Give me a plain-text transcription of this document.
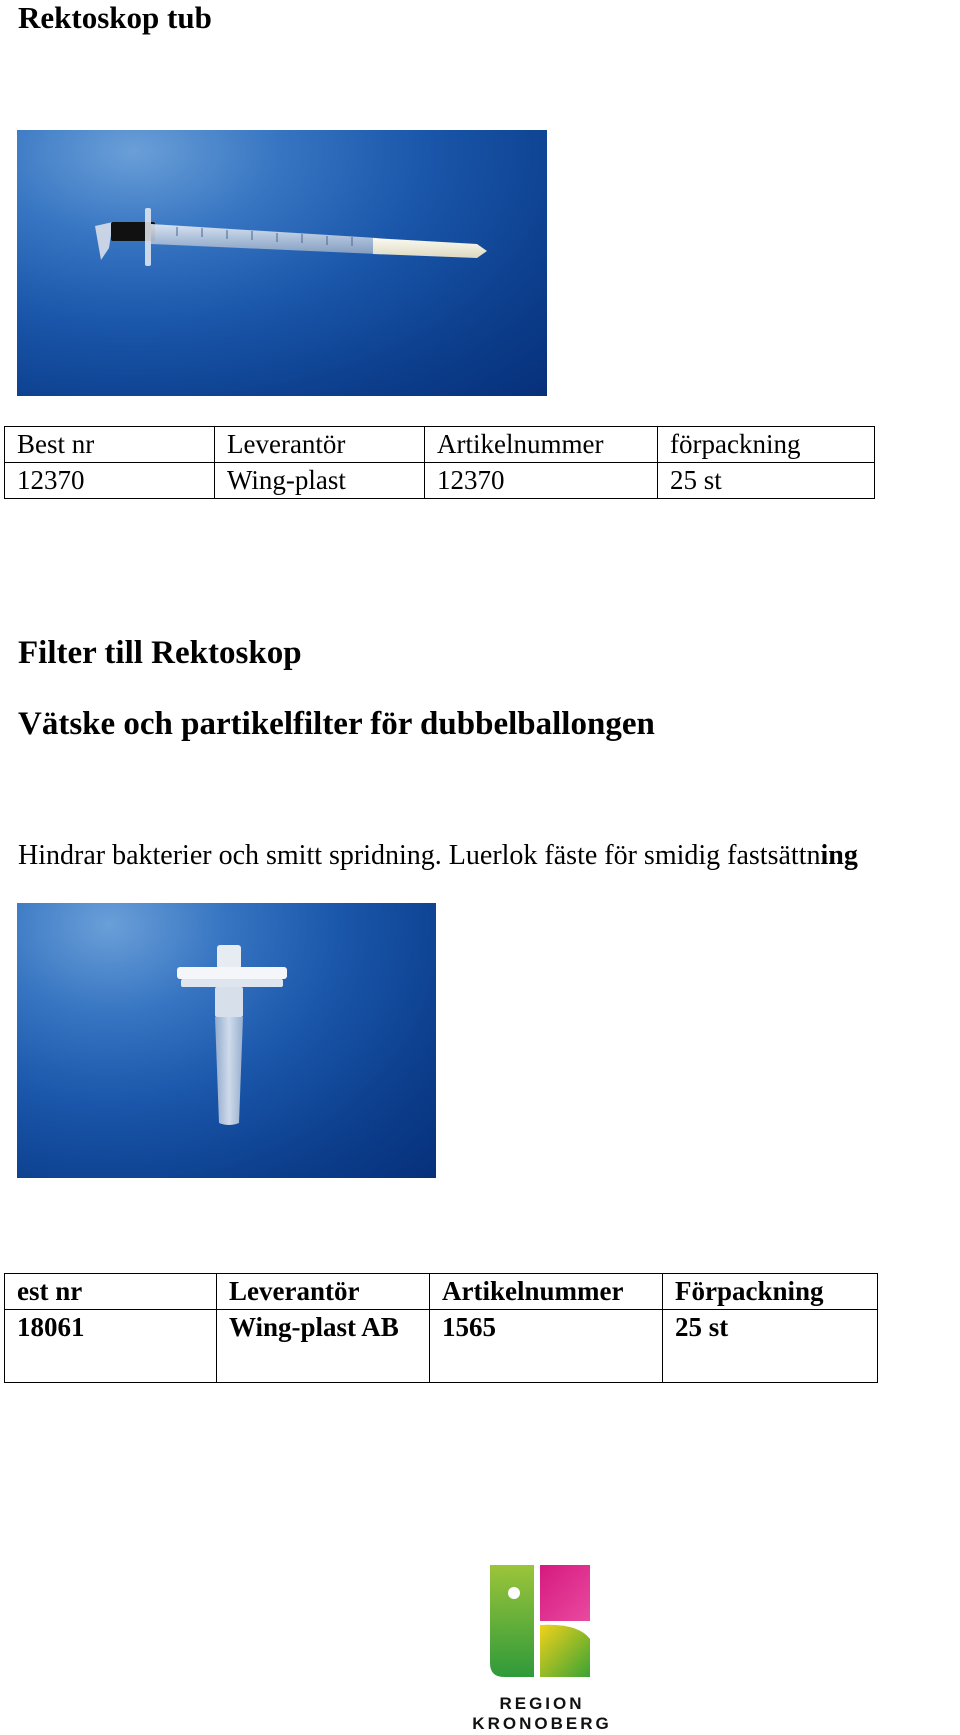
Rektoskop tub
Best nr	Leverantör	Artikelnummer	förpackning
12370	Wing-plast	12370	25 st
Filter till Rektoskop
Vätske och partikelfilter för dubbelballongen
Hindrar bakterier och smitt spridning. Luerlok fäste för smidig fastsättning
est nr	Leverantör	Artikelnummer	Förpackning
18061	Wing-plast AB	1565	25 st
REGION
KRONOBERG
